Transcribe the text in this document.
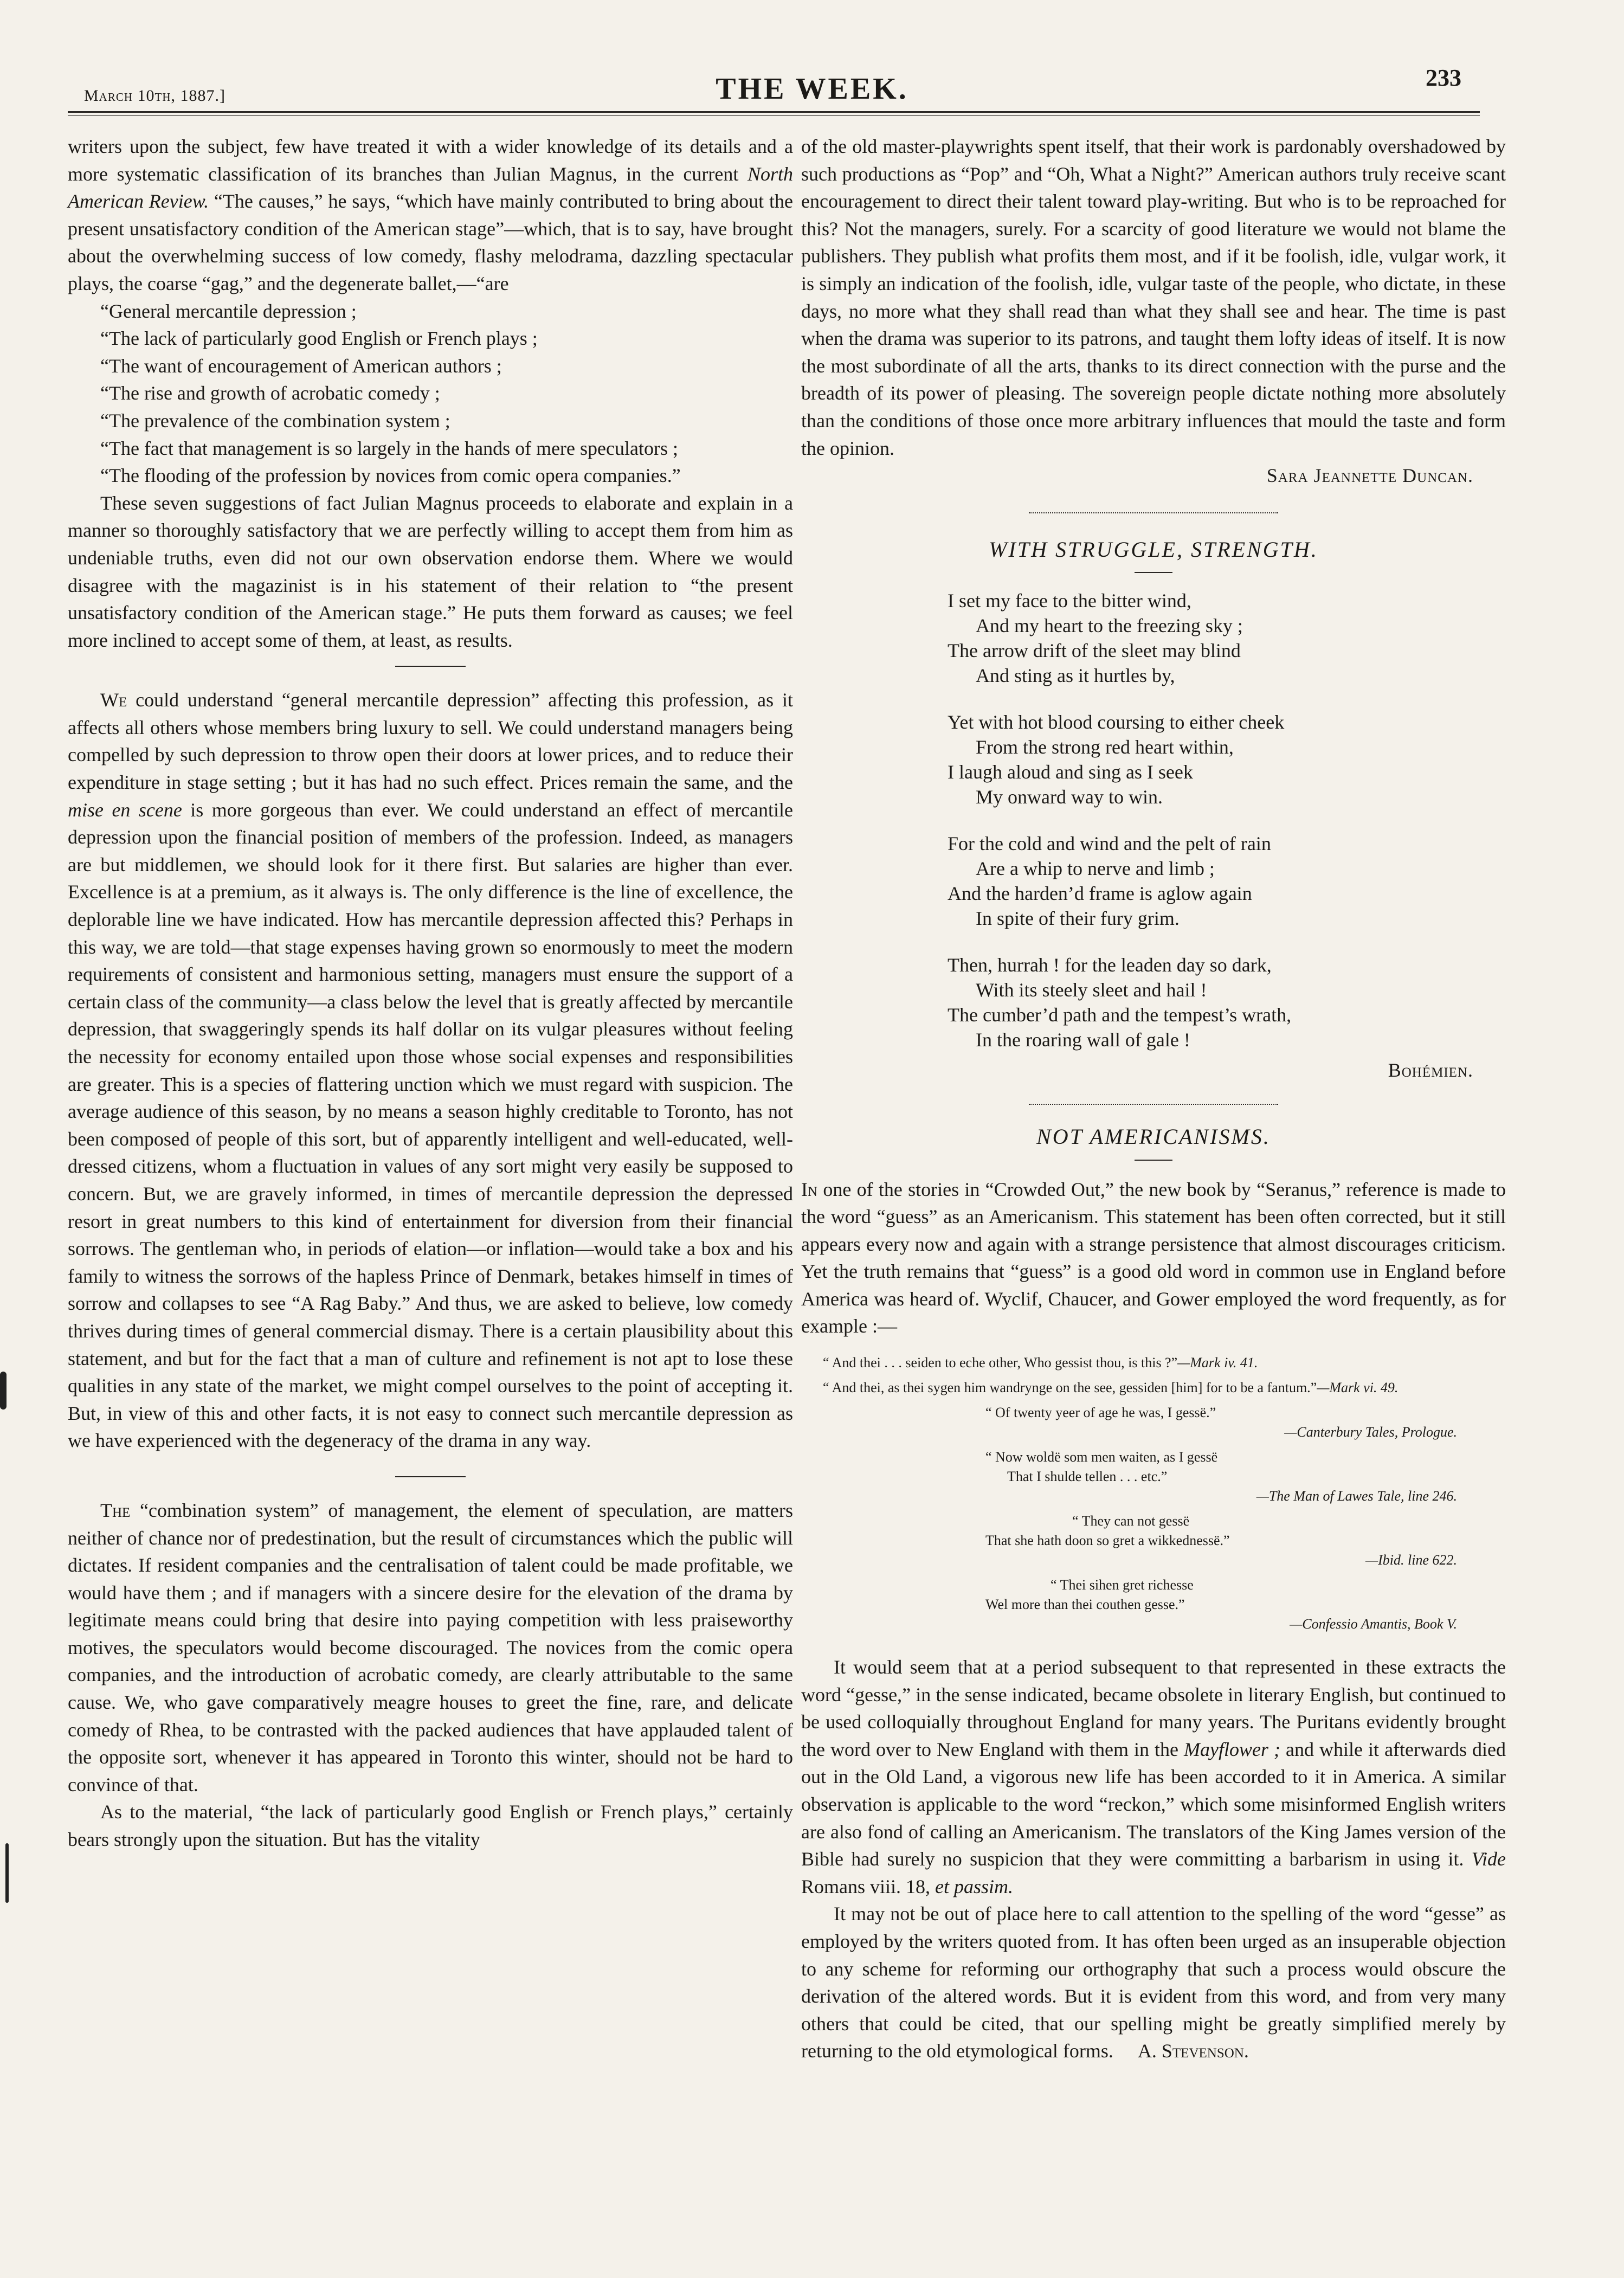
March 10th, 1887.]	THE WEEK.	233

writers upon the subject, few have treated it with a wider knowledge of its details and a more systematic classification of its branches than Julian Magnus, in the current North American Review. “The causes,” he says, “which have mainly contributed to bring about the present unsatisfactory condition of the American stage”—which, that is to say, have brought about the overwhelming success of low comedy, flashy melodrama, dazzling spectacular plays, the coarse “gag,” and the degenerate ballet,—“are

“General mercantile depression ;
“The lack of particularly good English or French plays ;
“The want of encouragement of American authors ;
“The rise and growth of acrobatic comedy ;
“The prevalence of the combination system ;
“The fact that management is so largely in the hands of mere speculators ;
“The flooding of the profession by novices from comic opera companies.”

These seven suggestions of fact Julian Magnus proceeds to elaborate and explain in a manner so thoroughly satisfactory that we are perfectly willing to accept them from him as undeniable truths, even did not our own observation endorse them. Where we would disagree with the magazinist is in his statement of their relation to “the present unsatisfactory condition of the American stage.” He puts them forward as causes; we feel more inclined to accept some of them, at least, as results.

We could understand “general mercantile depression” affecting this profession, as it affects all others whose members bring luxury to sell. We could understand managers being compelled by such depression to throw open their doors at lower prices, and to reduce their expenditure in stage setting ; but it has had no such effect. Prices remain the same, and the mise en scene is more gorgeous than ever. We could understand an effect of mercantile depression upon the financial position of members of the profession. Indeed, as managers are but middlemen, we should look for it there first. But salaries are higher than ever. Excellence is at a premium, as it always is. The only difference is the line of excellence, the deplorable line we have indicated. How has mercantile depression affected this? Perhaps in this way, we are told—that stage expenses having grown so enormously to meet the modern requirements of consistent and harmonious setting, managers must ensure the support of a certain class of the community—a class below the level that is greatly affected by mercantile depression, that swaggeringly spends its half dollar on its vulgar pleasures without feeling the necessity for economy entailed upon those whose social expenses and responsibilities are greater. This is a species of flattering unction which we must regard with suspicion. The average audience of this season, by no means a season highly creditable to Toronto, has not been composed of people of this sort, but of apparently intelligent and well-educated, well-dressed citizens, whom a fluctuation in values of any sort might very easily be supposed to concern. But, we are gravely informed, in times of mercantile depression the depressed resort in great numbers to this kind of entertainment for diversion from their financial sorrows. The gentleman who, in periods of elation—or inflation—would take a box and his family to witness the sorrows of the hapless Prince of Denmark, betakes himself in times of sorrow and collapses to see “A Rag Baby.” And thus, we are asked to believe, low comedy thrives during times of general commercial dismay. There is a certain plausibility about this statement, and but for the fact that a man of culture and refinement is not apt to lose these qualities in any state of the market, we might compel ourselves to the point of accepting it. But, in view of this and other facts, it is not easy to connect such mercantile depression as we have experienced with the degeneracy of the drama in any way.

The “combination system” of management, the element of speculation, are matters neither of chance nor of predestination, but the result of circumstances which the public will dictates. If resident companies and the centralisation of talent could be made profitable, we would have them ; and if managers with a sincere desire for the elevation of the drama by legitimate means could bring that desire into paying competition with less praiseworthy motives, the speculators would become discouraged. The novices from the comic opera companies, and the introduction of acrobatic comedy, are clearly attributable to the same cause. We, who gave comparatively meagre houses to greet the fine, rare, and delicate comedy of Rhea, to be contrasted with the packed audiences that have applauded talent of the opposite sort, whenever it has appeared in Toronto this winter, should not be hard to convince of that.

As to the material, “the lack of particularly good English or French plays,” certainly bears strongly upon the situation. But has the vitality

of the old master-playwrights spent itself, that their work is pardonably overshadowed by such productions as “Pop” and “Oh, What a Night?” American authors truly receive scant encouragement to direct their talent toward play-writing. But who is to be reproached for this? Not the managers, surely. For a scarcity of good literature we would not blame the publishers. They publish what profits them most, and if it be foolish, idle, vulgar work, it is simply an indication of the foolish, idle, vulgar taste of the people, who dictate, in these days, no more what they shall read than what they shall see and hear. The time is past when the drama was superior to its patrons, and taught them lofty ideas of itself. It is now the most subordinate of all the arts, thanks to its direct connection with the purse and the breadth of its power of pleasing. The sovereign people dictate nothing more absolutely than the conditions of those once more arbitrary influences that mould the taste and form the opinion.

Sara Jeannette Duncan.
WITH STRUGGLE, STRENGTH.
I set my face to the bitter wind,
And my heart to the freezing sky ;
The arrow drift of the sleet may blind
And sting as it hurtles by,
Yet with hot blood coursing to either cheek
From the strong red heart within,
I laugh aloud and sing as I seek
My onward way to win.
For the cold and wind and the pelt of rain
Are a whip to nerve and limb ;
And the harden’d frame is aglow again
In spite of their fury grim.
Then, hurrah ! for the leaden day so dark,
With its steely sleet and hail !
The cumber’d path and the tempest’s wrath,
In the roaring wall of gale !
Bohémien.
NOT AMERICANISMS.

In one of the stories in “Crowded Out,” the new book by “Seranus,” reference is made to the word “guess” as an Americanism. This statement has been often corrected, but it still appears every now and again with a strange persistence that almost discourages criticism. Yet the truth remains that “guess” is a good old word in common use in England before America was heard of. Wyclif, Chaucer, and Gower employed the word frequently, as for example :—

“ And thei . . . seiden to eche other, Who gessist thou, is this ?”—Mark iv. 41.
“ And thei, as thei sygen him wandrynge on the see, gessiden [him] for to be a fantum.”—Mark vi. 49.
“ Of twenty yeer of age he was, I gessë.”
—Canterbury Tales, Prologue.
“ Now woldë som men waiten, as I gessë
That I shulde tellen . . . etc.”
—The Man of Lawes Tale, line 246.
“ They can not gessë
That she hath doon so gret a wikkednessë.”
—Ibid. line 622.
“ Thei sihen gret richesse
Wel more than thei couthen gesse.”
—Confessio Amantis, Book V.

It would seem that at a period subsequent to that represented in these extracts the word “gesse,” in the sense indicated, became obsolete in literary English, but continued to be used colloquially throughout England for many years. The Puritans evidently brought the word over to New England with them in the Mayflower ; and while it afterwards died out in the Old Land, a vigorous new life has been accorded to it in America. A similar observation is applicable to the word “reckon,” which some misinformed English writers are also fond of calling an Americanism. The translators of the King James version of the Bible had surely no suspicion that they were committing a barbarism in using it. Vide Romans viii. 18, et passim.

It may not be out of place here to call attention to the spelling of the word “gesse” as employed by the writers quoted from. It has often been urged as an insuperable objection to any scheme for reforming our orthography that such a process would obscure the derivation of the altered words. But it is evident from this word, and from very many others that could be cited, that our spelling might be greatly simplified merely by returning to the old etymological forms. A. Stevenson.
